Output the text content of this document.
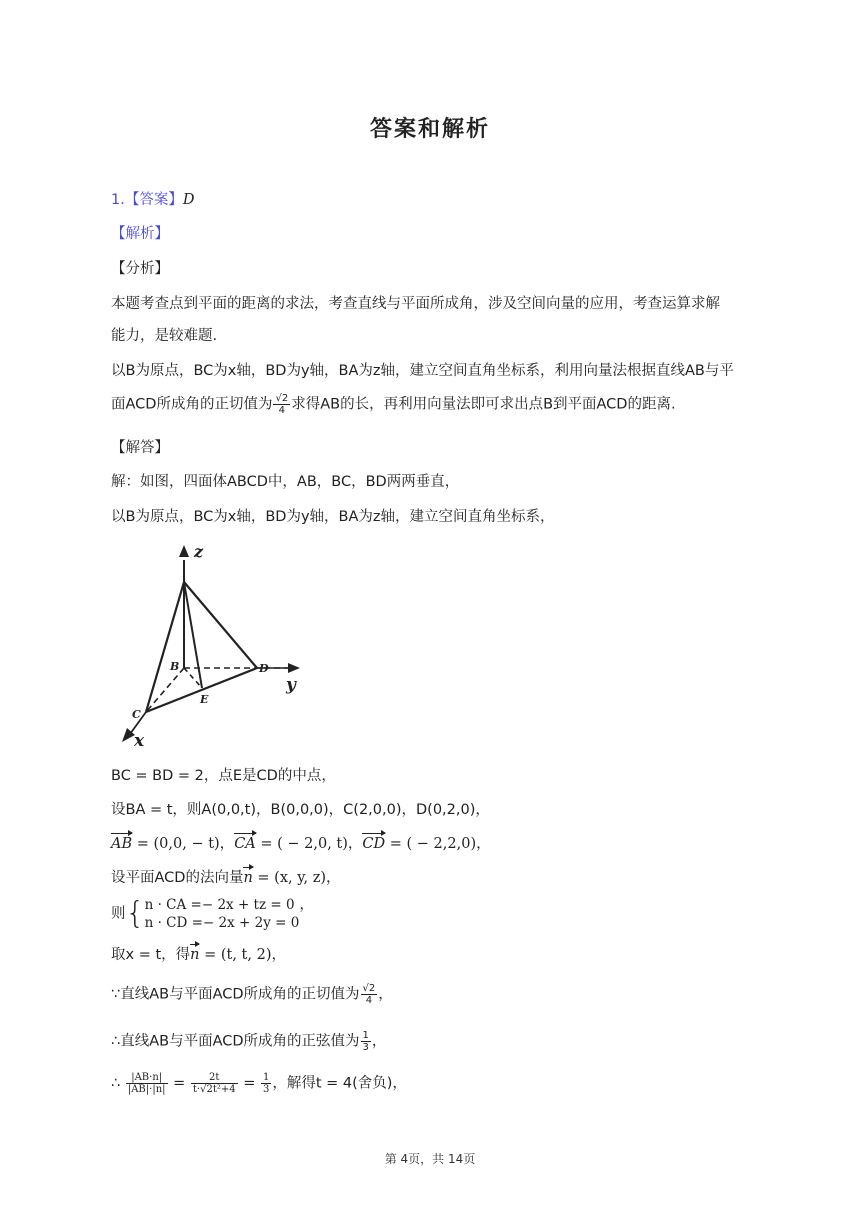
答案和解析
1.【答案】D
【解析】
【分析】
本题考查点到平面的距离的求法，考查直线与平面所成角，涉及空间向量的应用，考查运算求解
能力，是较难题.
以B为原点，BC为x轴，BD为y轴，BA为z轴，建立空间直角坐标系，利用向量法根据直线AB与平
面ACD所成角的正切值为 $\frac{√2}{4}$ 求得AB的长，再利用向量法即可求出点B到平面ACD的距离.
【解答】
解：如图，四面体ABCD中，AB，BC，BD两两垂直，
以B为原点，BC为x轴，BD为y轴，BA为z轴，建立空间直角坐标系，
z
y
x
B	D
E
C
BC = BD = 2，点E是CD的中点，
设BA = t，则A(0,0,t)，B(0,0,0)，C(2,0,0)，D(0,2,0)，
AB = (0,0, − t)，CA = ( − 2,0, t)，CD = ( − 2,2,0)，
设平面ACD的法向量n = (x, y, z)，
则{ n · CA =− 2x + tz = 0
n · CD =− 2x + 2y = 0
，
取x = t，得n = (t, t, 2)，
∵直线AB与平面ACD所成角的正切值为 $\frac{√2}{4}$ ，
∴直线AB与平面ACD所成角的正弦值为 $\frac{1}{3}$ ，
∴ $\frac{|AB\cdot n|}{|AB|\cdot|n|} = \frac{2t}{\text{t·√2t²+4}} = \frac{1}{3}$ ，解得t = 4(舍负)，
第 4页，共 14页
